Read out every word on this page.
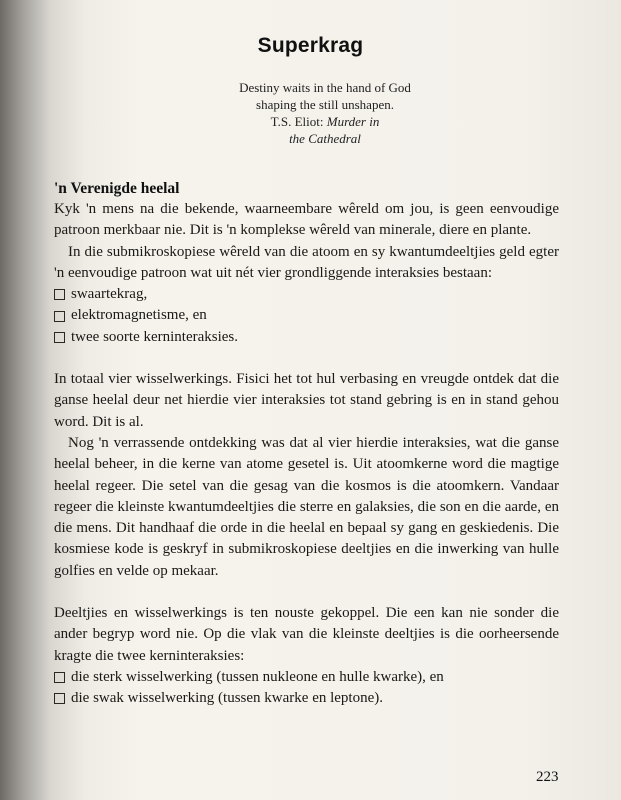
Superkrag
Destiny waits in the hand of God
shaping the still unshapen.
T.S. Eliot: Murder in
the Cathedral
'n Verenigde heelal

Kyk 'n mens na die bekende, waarneembare wêreld om jou, is geen eenvoudige patroon merkbaar nie. Dit is 'n komplekse wêreld van minerale, diere en plante.

In die submikroskopiese wêreld van die atoom en sy kwantumdeeltjies geld egter 'n eenvoudige patroon wat uit nét vier grondliggende interaksies bestaan:

swaartekrag,
elektromagnetisme, en
twee soorte kerninteraksies.

In totaal vier wisselwerkings. Fisici het tot hul verbasing en vreugde ontdek dat die ganse heelal deur net hierdie vier interaksies tot stand gebring is en in stand gehou word. Dit is al.

Nog 'n verrassende ontdekking was dat al vier hierdie interaksies, wat die ganse heelal beheer, in die kerne van atome gesetel is. Uit atoomkerne word die magtige heelal regeer. Die setel van die gesag van die kosmos is die atoomkern. Vandaar regeer die kleinste kwantumdeeltjies die sterre en galaksies, die son en die aarde, en die mens. Dit handhaaf die orde in die heelal en bepaal sy gang en geskiedenis. Die kosmiese kode is geskryf in submikroskopiese deeltjies en die inwerking van hulle golfies en velde op mekaar.

Deeltjies en wisselwerkings is ten nouste gekoppel. Die een kan nie sonder die ander begryp word nie. Op die vlak van die kleinste deeltjies is die oorheersende kragte die twee kerninteraksies:

die sterk wisselwerking (tussen nukleone en hulle kwarke), en
die swak wisselwerking (tussen kwarke en leptone).
223
